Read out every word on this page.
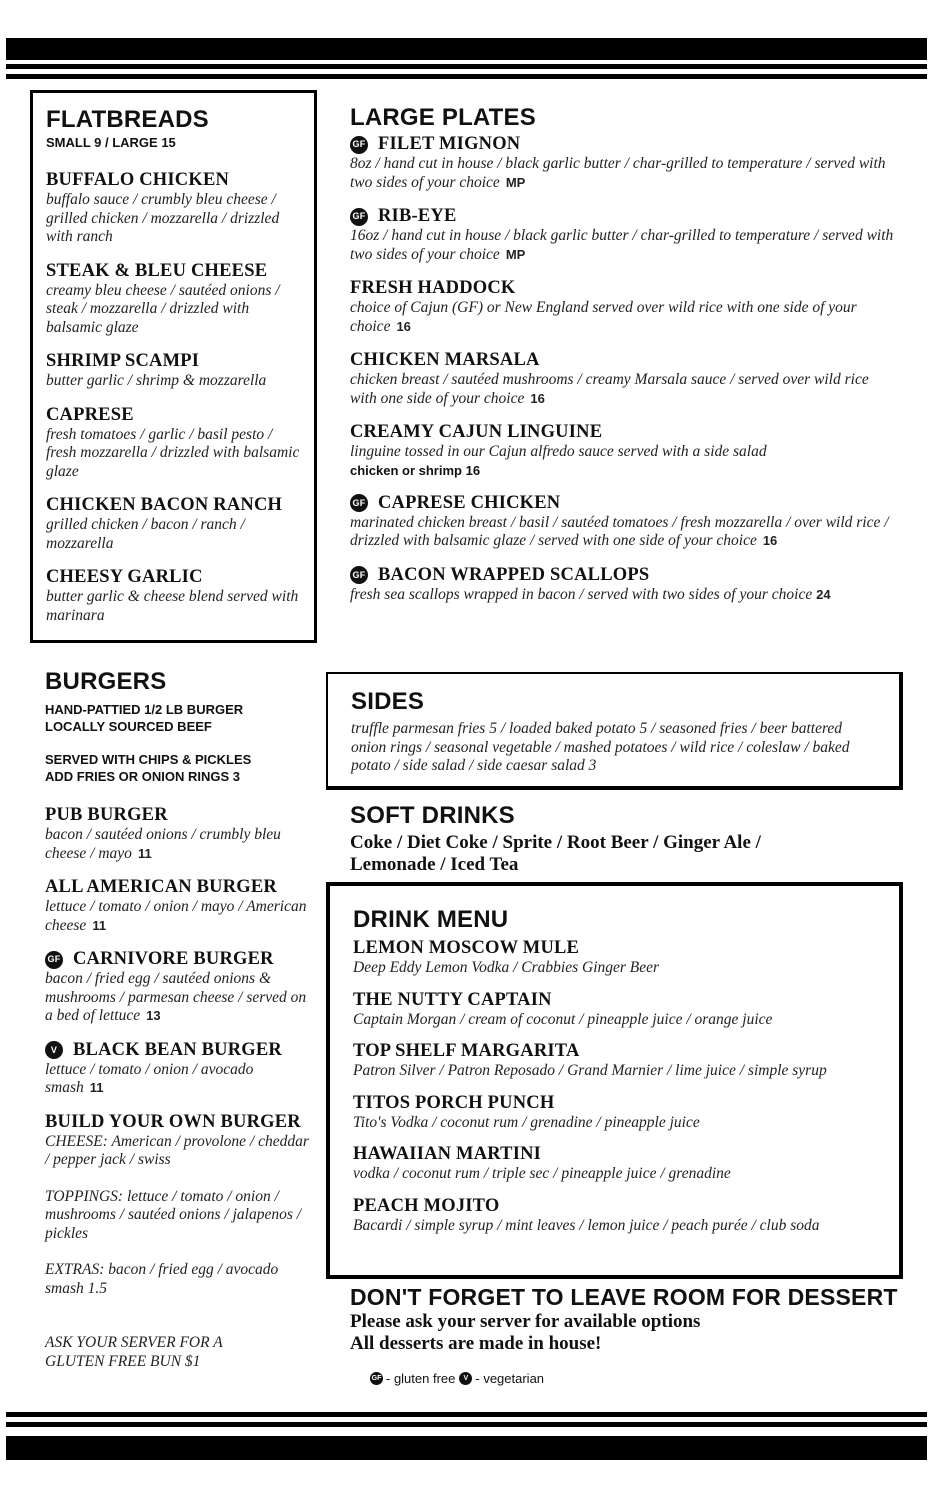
FLATBREADS

SMALL 9 / LARGE 15

BUFFALO CHICKEN
buffalo sauce / crumbly bleu cheese / grilled chicken / mozzarella / drizzled with ranch
STEAK & BLEU CHEESE
creamy bleu cheese / sautéed onions / steak / mozzarella / drizzled with balsamic glaze
SHRIMP SCAMPI
butter garlic / shrimp & mozzarella
CAPRESE
fresh tomatoes / garlic / basil pesto / fresh mozzarella / drizzled with balsamic glaze
CHICKEN BACON RANCH
grilled chicken / bacon / ranch / mozzarella
CHEESY GARLIC
butter garlic & cheese blend served with marinara
BURGERS

HAND-PATTIED 1/2 LB BURGER

LOCALLY SOURCED BEEF

SERVED WITH CHIPS & PICKLES

ADD FRIES OR ONION RINGS 3

PUB BURGER
bacon / sautéed onions / crumbly bleu cheese / mayo 11
ALL AMERICAN BURGER
lettuce / tomato / onion / mayo / American cheese 11
GF CARNIVORE BURGER
bacon / fried egg / sautéed onions & mushrooms / parmesan cheese / served on a bed of lettuce 13
V BLACK BEAN BURGER
lettuce / tomato / onion / avocado smash 11
BUILD YOUR OWN BURGER
CHEESE: American / provolone / cheddar / pepper jack / swiss
TOPPINGS: lettuce / tomato / onion / mushrooms / sautéed onions / jalapenos / pickles
EXTRAS: bacon / fried egg / avocado smash 1.5
ASK YOUR SERVER FOR A GLUTEN FREE BUN $1
LARGE PLATES
GF FILET MIGNON
8oz / hand cut in house / black garlic butter / char-grilled to temperature / served with two sides of your choice MP
GF RIB-EYE
16oz / hand cut in house / black garlic butter / char-grilled to temperature / served with two sides of your choice MP
FRESH HADDOCK
choice of Cajun (GF) or New England served over wild rice with one side of your choice 16
CHICKEN MARSALA
chicken breast / sautéed mushrooms / creamy Marsala sauce / served over wild rice with one side of your choice 16
CREAMY CAJUN LINGUINE
linguine tossed in our Cajun alfredo sauce served with a side salad
chicken or shrimp 16
GF CAPRESE CHICKEN
marinated chicken breast / basil / sautéed tomatoes / fresh mozzarella / over wild rice / drizzled with balsamic glaze / served with one side of your choice 16
GF BACON WRAPPED SCALLOPS
fresh sea scallops wrapped in bacon / served with two sides of your choice 24
SIDES
truffle parmesan fries 5 / loaded baked potato 5 / seasoned fries / beer battered onion rings / seasonal vegetable / mashed potatoes / wild rice / coleslaw / baked potato / side salad / side caesar salad 3
SOFT DRINKS
Coke / Diet Coke / Sprite / Root Beer / Ginger Ale / Lemonade / Iced Tea
DRINK MENU
LEMON MOSCOW MULE
Deep Eddy Lemon Vodka / Crabbies Ginger Beer
THE NUTTY CAPTAIN
Captain Morgan / cream of coconut / pineapple juice / orange juice
TOP SHELF MARGARITA
Patron Silver / Patron Reposado / Grand Marnier / lime juice / simple syrup
TITOS PORCH PUNCH
Tito's Vodka / coconut rum / grenadine / pineapple juice
HAWAIIAN MARTINI
vodka / coconut rum / triple sec / pineapple juice / grenadine
PEACH MOJITO
Bacardi / simple syrup / mint leaves / lemon juice / peach purée / club soda
DON'T FORGET TO LEAVE ROOM FOR DESSERT
Please ask your server for available options
All desserts are made in house!
GF - gluten free	V - vegetarian
